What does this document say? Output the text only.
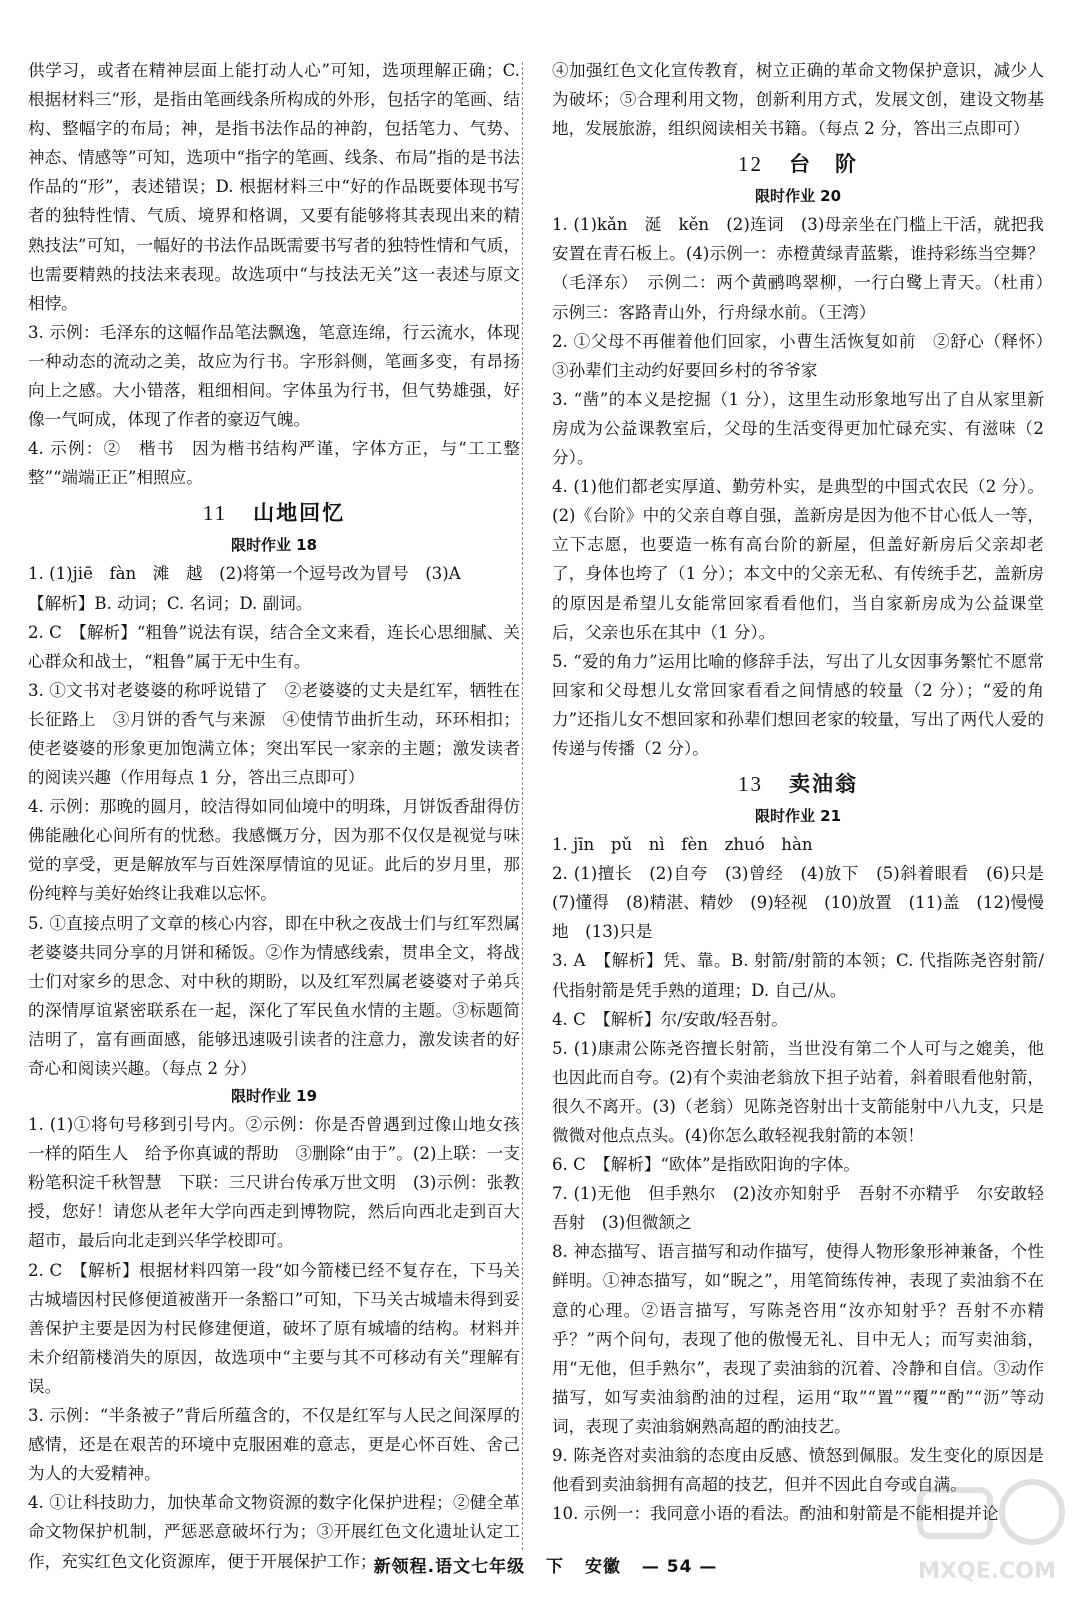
供学习，或者在精神层面上能打动人心”可知，选项理解正确；C. 根据材料三“形，是指由笔画线条所构成的外形，包括字的笔画、结构、整幅字的布局；神，是指书法作品的神韵，包括笔力、气势、神态、情感等”可知，选项中“指字的笔画、线条、布局”指的是书法作品的“形”，表述错误；D. 根据材料三中“好的作品既要体现书写者的独特性情、气质、境界和格调，又要有能够将其表现出来的精熟技法”可知，一幅好的书法作品既需要书写者的独特性情和气质，也需要精熟的技法来表现。故选项中“与技法无关”这一表述与原文相悖。

3. 示例：毛泽东的这幅作品笔法飘逸，笔意连绵，行云流水，体现一种动态的流动之美，故应为行书。字形斜侧，笔画多变，有昂扬向上之感。大小错落，粗细相间。字体虽为行书，但气势雄强，好像一气呵成，体现了作者的豪迈气魄。

4. 示例：②　楷书　因为楷书结构严谨，字体方正，与“工工整整”“端端正正”相照应。

11 山地回忆
限时作业 18

1. (1)jiē　fàn　滩　越　(2)将第一个逗号改为冒号　(3)A

【解析】B. 动词；C. 名词；D. 副词。

2. C　【解析】“粗鲁”说法有误，结合全文来看，连长心思细腻、关心群众和战士，“粗鲁”属于无中生有。

3. ①文书对老婆婆的称呼说错了　②老婆婆的丈夫是红军，牺牲在长征路上　③月饼的香气与来源　④使情节曲折生动，环环相扣；使老婆婆的形象更加饱满立体；突出军民一家亲的主题；激发读者的阅读兴趣（作用每点 1 分，答出三点即可）

4. 示例：那晚的圆月，皎洁得如同仙境中的明珠，月饼饭香甜得仿佛能融化心间所有的忧愁。我感慨万分，因为那不仅仅是视觉与味觉的享受，更是解放军与百姓深厚情谊的见证。此后的岁月里，那份纯粹与美好始终让我难以忘怀。

5. ①直接点明了文章的核心内容，即在中秋之夜战士们与红军烈属老婆婆共同分享的月饼和稀饭。②作为情感线索，贯串全文，将战士们对家乡的思念、对中秋的期盼，以及红军烈属老婆婆对子弟兵的深情厚谊紧密联系在一起，深化了军民鱼水情的主题。③标题简洁明了，富有画面感，能够迅速吸引读者的注意力，激发读者的好奇心和阅读兴趣。（每点 2 分）

限时作业 19

1. (1)①将句号移到引号内。②示例：你是否曾遇到过像山地女孩一样的陌生人　给予你真诚的帮助　③删除“由于”。(2)上联：一支粉笔积淀千秋智慧　下联：三尺讲台传承万世文明　(3)示例：张教授，您好！请您从老年大学向西走到博物院，然后向西北走到百大超市，最后向北走到兴华学校即可。

2. C　【解析】根据材料四第一段“如今箭楼已经不复存在，下马关古城墙因村民修便道被凿开一条豁口”可知，下马关古城墙未得到妥善保护主要是因为村民修建便道，破坏了原有城墙的结构。材料并未介绍箭楼消失的原因，故选项中“主要与其不可移动有关”理解有误。

3. 示例：“半条被子”背后所蕴含的，不仅是红军与人民之间深厚的感情，还是在艰苦的环境中克服困难的意志，更是心怀百姓、舍己为人的大爱精神。

4. ①让科技助力，加快革命文物资源的数字化保护进程；②健全革命文物保护机制，严惩恶意破坏行为；③开展红色文化遗址认定工作，充实红色文化资源库，便于开展保护工作；

④加强红色文化宣传教育，树立正确的革命文物保护意识，减少人为破坏；⑤合理利用文物，创新利用方式，发展文创，建设文物基地，发展旅游，组织阅读相关书籍。（每点 2 分，答出三点即可）

12 台　阶
限时作业 20

1. (1)kǎn　涎　kěn　(2)连词　(3)母亲坐在门槛上干活，就把我安置在青石板上。(4)示例一：赤橙黄绿青蓝紫，谁持彩练当空舞？（毛泽东）　示例二：两个黄鹂鸣翠柳，一行白鹭上青天。（杜甫）　示例三：客路青山外，行舟绿水前。（王湾）

2. ①父母不再催着他们回家，小曹生活恢复如前　②舒心（释怀）　③孙辈们主动约好要回乡村的爷爷家

3. “凿”的本义是挖掘（1 分），这里生动形象地写出了自从家里新房成为公益课教室后，父母的生活变得更加忙碌充实、有滋味（2 分）。

4. (1)他们都老实厚道、勤劳朴实，是典型的中国式农民（2 分）。(2)《台阶》中的父亲自尊自强，盖新房是因为他不甘心低人一等，立下志愿，也要造一栋有高台阶的新屋，但盖好新房后父亲却老了，身体也垮了（1 分）；本文中的父亲无私、有传统手艺，盖新房的原因是希望儿女能常回家看看他们，当自家新房成为公益课堂后，父亲也乐在其中（1 分）。

5. “爱的角力”运用比喻的修辞手法，写出了儿女因事务繁忙不愿常回家和父母想儿女常回家看看之间情感的较量（2 分）；“爱的角力”还指儿女不想回家和孙辈们想回老家的较量，写出了两代人爱的传递与传播（2 分）。

13 卖油翁
限时作业 21

1. jīn　pǔ　nì　fèn　zhuó　hàn

2. (1)擅长　(2)自夸　(3)曾经　(4)放下　(5)斜着眼看　(6)只是　(7)懂得　(8)精湛、精妙　(9)轻视　(10)放置　(11)盖　(12)慢慢地　(13)只是

3. A　【解析】凭、靠。B. 射箭/射箭的本领；C. 代指陈尧咨射箭/代指射箭是凭手熟的道理；D. 自己/从。

4. C　【解析】尔/安敢/轻吾射。

5. (1)康肃公陈尧咨擅长射箭，当世没有第二个人可与之媲美，他也因此而自夸。(2)有个卖油老翁放下担子站着，斜着眼看他射箭，很久不离开。(3)（老翁）见陈尧咨射出十支箭能射中八九支，只是微微对他点点头。(4)你怎么敢轻视我射箭的本领！

6. C　【解析】“欧体”是指欧阳询的字体。

7. (1)无他　但手熟尔　(2)汝亦知射乎　吾射不亦精乎　尔安敢轻吾射　(3)但微颔之

8. 神态描写、语言描写和动作描写，使得人物形象形神兼备，个性鲜明。①神态描写，如“睨之”，用笔简练传神，表现了卖油翁不在意的心理。②语言描写，写陈尧咨用“汝亦知射乎？吾射不亦精乎？”两个问句，表现了他的傲慢无礼、目中无人；而写卖油翁，用“无他，但手熟尔”，表现了卖油翁的沉着、冷静和自信。③动作描写，如写卖油翁酌油的过程，运用“取”“置”“覆”“酌”“沥”等动词，表现了卖油翁娴熟高超的酌油技艺。

9. 陈尧咨对卖油翁的态度由反感、愤怒到佩服。发生变化的原因是他看到卖油翁拥有高超的技艺，但并不因此自夸或自满。

10. 示例一：我同意小语的看法。酌油和射箭是不能相提并论

新领程.语文七年级 下 安徽 — 54 —	MXQE.COM
